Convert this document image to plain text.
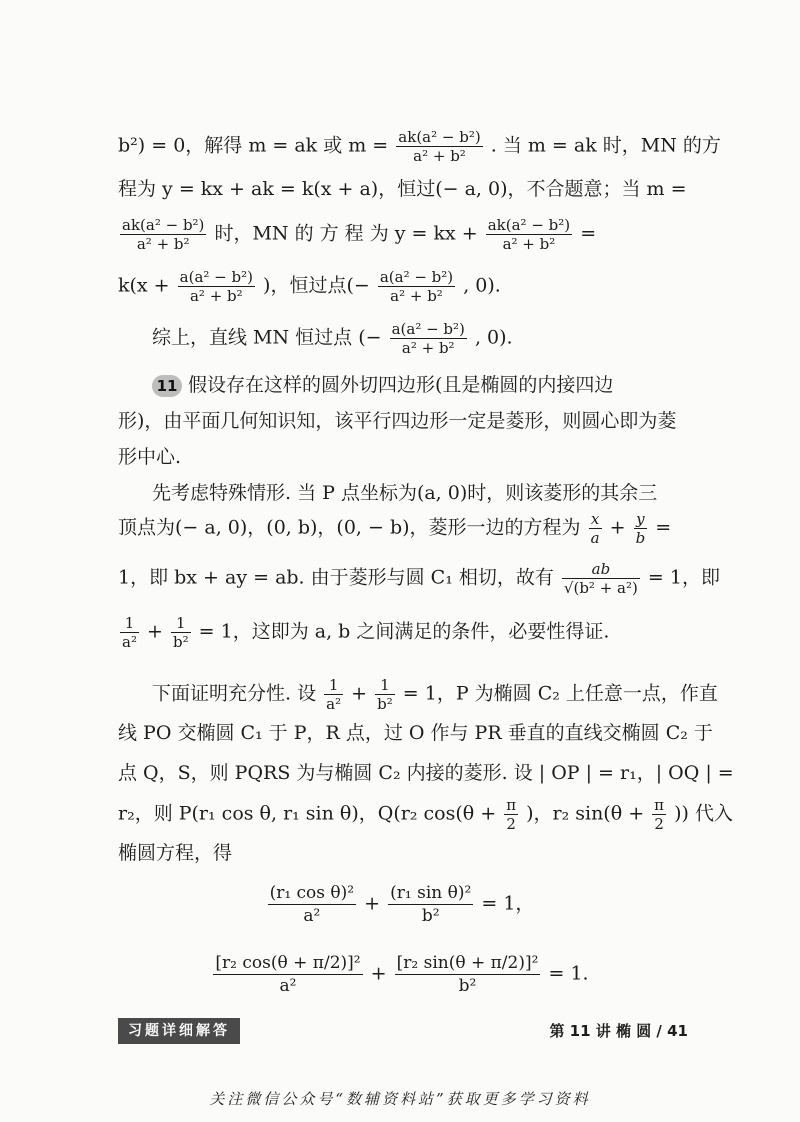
b²) = 0，解得 m = ak 或 $m = \frac{\text{ak(a² − b²)}}{\text{a² + b²}}$ . 当 m = ak 时，MN 的方
程为 y = kx + ak = k(x + a)，恒过(− a, 0)，不合题意；当 m =
$\frac{\text{ak(a² − b²)}}{\text{a² + b²}}$ 时，MN 的 方 程 为 y = kx + $\frac{\text{ak(a² − b²)}}{\text{a² + b²}}$ =
$k(x + \frac{\text{a(a² − b²)}}{\text{a² + b²}}$ )，恒过点(− $\frac{\text{a(a² − b²)}}{\text{a² + b²}}$ , 0).
综上，直线 MN 恒过点 (− $\frac{\text{a(a² − b²)}}{\text{a² + b²}}$ , 0).
11 假设存在这样的圆外切四边形(且是椭圆的内接四边
形)，由平面几何知识知，该平行四边形一定是菱形，则圆心即为菱
形中心.
先考虑特殊情形. 当 P 点坐标为(a, 0)时，则该菱形的其余三
顶点为(− a, 0)，(0, b)，(0, − b)，菱形一边的方程为 $\frac{x}{a} + \frac{y}{b}$ =
1，即 bx + ay = ab. 由于菱形与圆 C₁ 相切，故有 $\frac{ab}{\text{√(b² + a²)}} = 1$，即
$\frac{1}{\text{a²}} + \frac{1}{\text{b²}} = 1$，这即为 a, b 之间满足的条件，必要性得证.
下面证明充分性. 设 $\frac{1}{\text{a²}} + \frac{1}{\text{b²}} = 1$，P 为椭圆 C₂ 上任意一点，作直
线 PO 交椭圆 C₁ 于 P，R 点，过 O 作与 PR 垂直的直线交椭圆 C₂ 于
点 Q，S，则 PQRS 为与椭圆 C₂ 内接的菱形. 设 | OP | = r₁，| OQ | =
r₂，则 P(r₁ cos θ, r₁ sin θ)，Q(r₂ $\cos(\theta + \frac{\pi}{2}$ )，r₂ $\sin(\theta + \frac{\pi}{2}$ )) 代入
椭圆方程，得
$\frac{\text{(r₁ cos θ)²}}{\text{a²}} + \frac{\text{(r₁ sin θ)²}}{\text{b²}} = 1$，
$\frac{\text{[r₂ cos(θ + π/2)]²}}{\text{a²}} + \frac{\text{[r₂ sin(θ + π/2)]²}}{\text{b²}} = 1$.
习题详细解答	第 11 讲 椭 圆 / 41
关注微信公众号“数辅资料站”获取更多学习资料
